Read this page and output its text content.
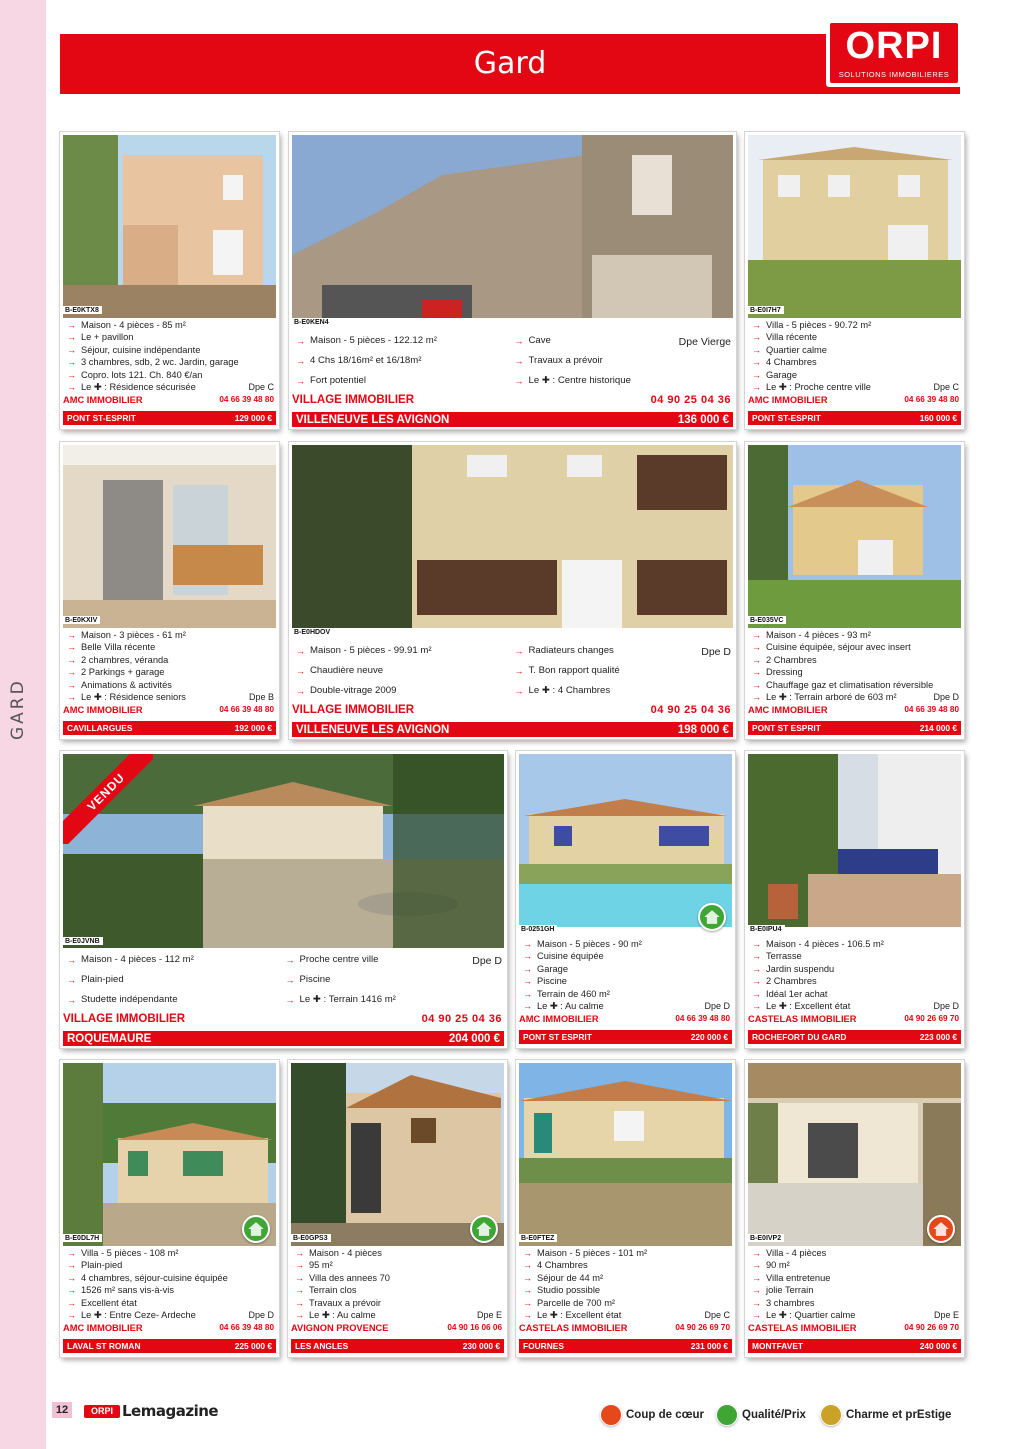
GARD
Gard	ORPI
SOLUTIONS IMMOBILIERES
B-E0KTX8
→ Maison - 4 pièces - 85 m²
→ Le + pavillon
→ Séjour, cuisine indépendante
→ 3 chambres, sdb, 2 wc. Jardin, garage
→ Copro. lots 121. Ch. 840 €/an
→ Le ✚ : Résidence sécurisée	Dpe C
AMC IMMOBILIER	04 66 39 48 80
PONT ST-ESPRIT	129 000 €
B-E0KEN4
→ Maison - 5 pièces - 122.12 m²
→ 4 Chs 18/16m² et 16/18m²
→ Fort potentiel
→ Cave
→ Travaux a prévoir
→ Le ✚ : Centre historique
Dpe Vierge
VILLAGE IMMOBILIER	04 90 25 04 36
VILLENEUVE LES AVIGNON	136 000 €
B-E0I7H7
→ Villa - 5 pièces - 90.72 m²
→ Villa récente
→ Quartier calme
→ 4 Chambres
→ Garage
→ Le ✚ : Proche centre ville	Dpe C
AMC IMMOBILIER	04 66 39 48 80
PONT ST-ESPRIT	160 000 €
B-E0KXIV
→ Maison - 3 pièces - 61 m²
→ Belle Villa récente
→ 2 chambres, véranda
→ 2 Parkings + garage
→ Animations & activités
→ Le ✚ : Résidence seniors	Dpe B
AMC IMMOBILIER	04 66 39 48 80
CAVILLARGUES	192 000 €
B-E0HDOV
→ Maison - 5 pièces - 99.91 m²
→ Chaudière neuve
→ Double-vitrage 2009
→ Radiateurs changes
→ T. Bon rapport qualité
→ Le ✚ : 4 Chambres
Dpe D
VILLAGE IMMOBILIER	04 90 25 04 36
VILLENEUVE LES AVIGNON	198 000 €
B-E035VC
→ Maison - 4 pièces - 93 m²
→ Cuisine équipée, séjour avec insert
→ 2 Chambres
→ Dressing
→ Chauffage gaz et climatisation réversible
→ Le ✚ : Terrain arboré de 603 m²	Dpe D
AMC IMMOBILIER	04 66 39 48 80
PONT ST ESPRIT	214 000 €
VENDU
B-E0JVNB
→ Maison - 4 pièces - 112 m²
→ Plain-pied
→ Studette indépendante
→ Proche centre ville
→ Piscine
→ Le ✚ : Terrain 1416 m²
Dpe D
VILLAGE IMMOBILIER	04 90 25 04 36
ROQUEMAURE	204 000 €
B-0251GH
→ Maison - 5 pièces - 90 m²
→ Cuisine équipée
→ Garage
→ Piscine
→ Terrain de 460 m²
→ Le ✚ : Au calme	Dpe D
AMC IMMOBILIER	04 66 39 48 80
PONT ST ESPRIT	220 000 €
B-E0IPU4
→ Maison - 4 pièces - 106.5 m²
→ Terrasse
→ Jardin suspendu
→ 2 Chambres
→ Idéal 1er achat
→ Le ✚ : Excellent état	Dpe D
CASTELAS IMMOBILIER	04 90 26 69 70
ROCHEFORT DU GARD	223 000 €
B-E0DL7H
→ Villa - 5 pièces - 108 m²
→ Plain-pied
→ 4 chambres, séjour-cuisine équipée
→ 1526 m² sans vis-à-vis
→ Excellent état
→ Le ✚ : Entre Ceze- Ardeche	Dpe D
AMC IMMOBILIER	04 66 39 48 80
LAVAL ST ROMAN	225 000 €
B-E0GPS3
→ Maison - 4 pièces
→ 95 m²
→ Villa des annees 70
→ Terrain clos
→ Travaux a prévoir
→ Le ✚ : Au calme	Dpe E
AVIGNON PROVENCE	04 90 16 06 06
LES ANGLES	230 000 €
B-E0FTEZ
→ Maison - 5 pièces - 101 m²
→ 4 Chambres
→ Séjour de 44 m²
→ Studio possible
→ Parcelle de 700 m²
→ Le ✚ : Excellent état	Dpe C
CASTELAS IMMOBILIER	04 90 26 69 70
FOURNES	231 000 €
B-E0IVP2
→ Villa - 4 pièces
→ 90 m²
→ Villa entretenue
→ jolie Terrain
→ 3 chambres
→ Le ✚ : Quartier calme	Dpe E
CASTELAS IMMOBILIER	04 90 26 69 70
MONTFAVET	240 000 €
12	ORPI Lemagazine	Coup de cœur	Qualité/Prix	Charme et prEstige
